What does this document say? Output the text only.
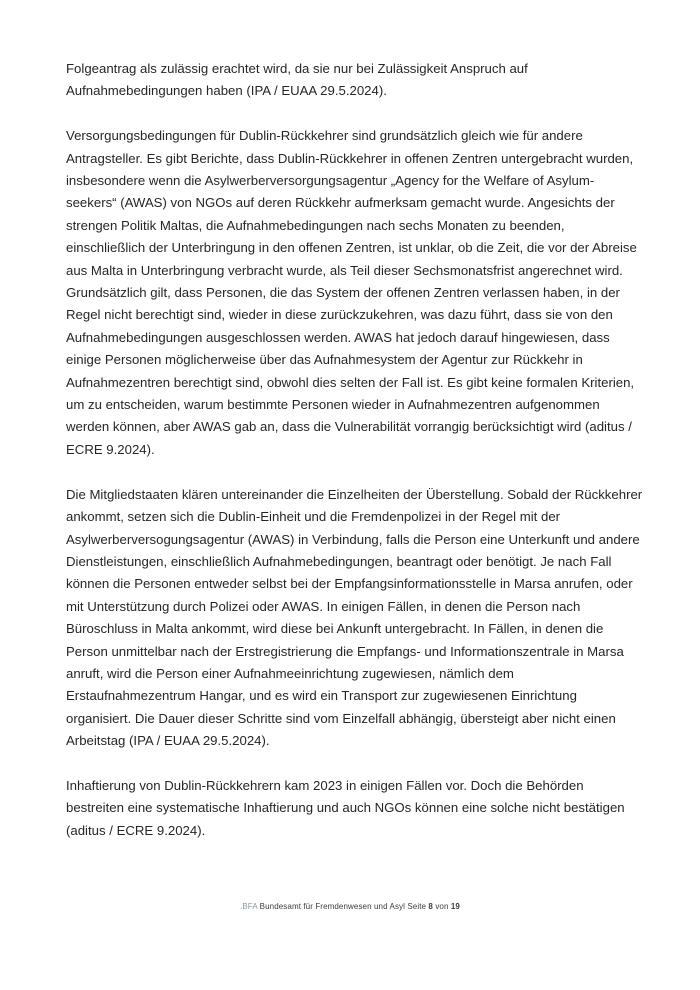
Folgeantrag als zulässig erachtet wird, da sie nur bei Zulässigkeit Anspruch auf Aufnahmebedingungen haben (IPA / EUAA 29.5.2024).

Versorgungsbedingungen für Dublin-Rückkehrer sind grundsätzlich gleich wie für andere Antragsteller. Es gibt Berichte, dass Dublin-Rückkehrer in offenen Zentren untergebracht wurden, insbesondere wenn die Asylwerberversorgungsagentur „Agency for the Welfare of Asylum-seekers“ (AWAS) von NGOs auf deren Rückkehr aufmerksam gemacht wurde. Angesichts der strengen Politik Maltas, die Aufnahmebedingungen nach sechs Monaten zu beenden, einschließlich der Unterbringung in den offenen Zentren, ist unklar, ob die Zeit, die vor der Abreise aus Malta in Unterbringung verbracht wurde, als Teil dieser Sechsmonatsfrist angerechnet wird. Grundsätzlich gilt, dass Personen, die das System der offenen Zentren verlassen haben, in der Regel nicht berechtigt sind, wieder in diese zurückzukehren, was dazu führt, dass sie von den Aufnahmebedingungen ausgeschlossen werden. AWAS hat jedoch darauf hingewiesen, dass einige Personen möglicherweise über das Aufnahmesystem der Agentur zur Rückkehr in Aufnahmezentren berechtigt sind, obwohl dies selten der Fall ist. Es gibt keine formalen Kriterien, um zu entscheiden, warum bestimmte Personen wieder in Aufnahmezentren aufgenommen werden können, aber AWAS gab an, dass die Vulnerabilität vorrangig berücksichtigt wird (aditus / ECRE 9.2024).

Die Mitgliedstaaten klären untereinander die Einzelheiten der Überstellung. Sobald der Rückkehrer ankommt, setzen sich die Dublin-Einheit und die Fremdenpolizei in der Regel mit der Asylwerberversogungsagentur (AWAS) in Verbindung, falls die Person eine Unterkunft und andere Dienstleistungen, einschließlich Aufnahmebedingungen, beantragt oder benötigt. Je nach Fall können die Personen entweder selbst bei der Empfangsinformationsstelle in Marsa anrufen, oder mit Unterstützung durch Polizei oder AWAS. In einigen Fällen, in denen die Person nach Büroschluss in Malta ankommt, wird diese bei Ankunft untergebracht. In Fällen, in denen die Person unmittelbar nach der Erstregistrierung die Empfangs- und Informationszentrale in Marsa anruft, wird die Person einer Aufnahmeeinrichtung zugewiesen, nämlich dem Erstaufnahmezentrum Hangar, und es wird ein Transport zur zugewiesenen Einrichtung organisiert. Die Dauer dieser Schritte sind vom Einzelfall abhängig, übersteigt aber nicht einen Arbeitstag (IPA / EUAA 29.5.2024).

Inhaftierung von Dublin-Rückkehrern kam 2023 in einigen Fällen vor. Doch die Behörden bestreiten eine systematische Inhaftierung und auch NGOs können eine solche nicht bestätigen (aditus / ECRE 9.2024).

.BFA Bundesamt für Fremdenwesen und Asyl Seite 8 von 19
